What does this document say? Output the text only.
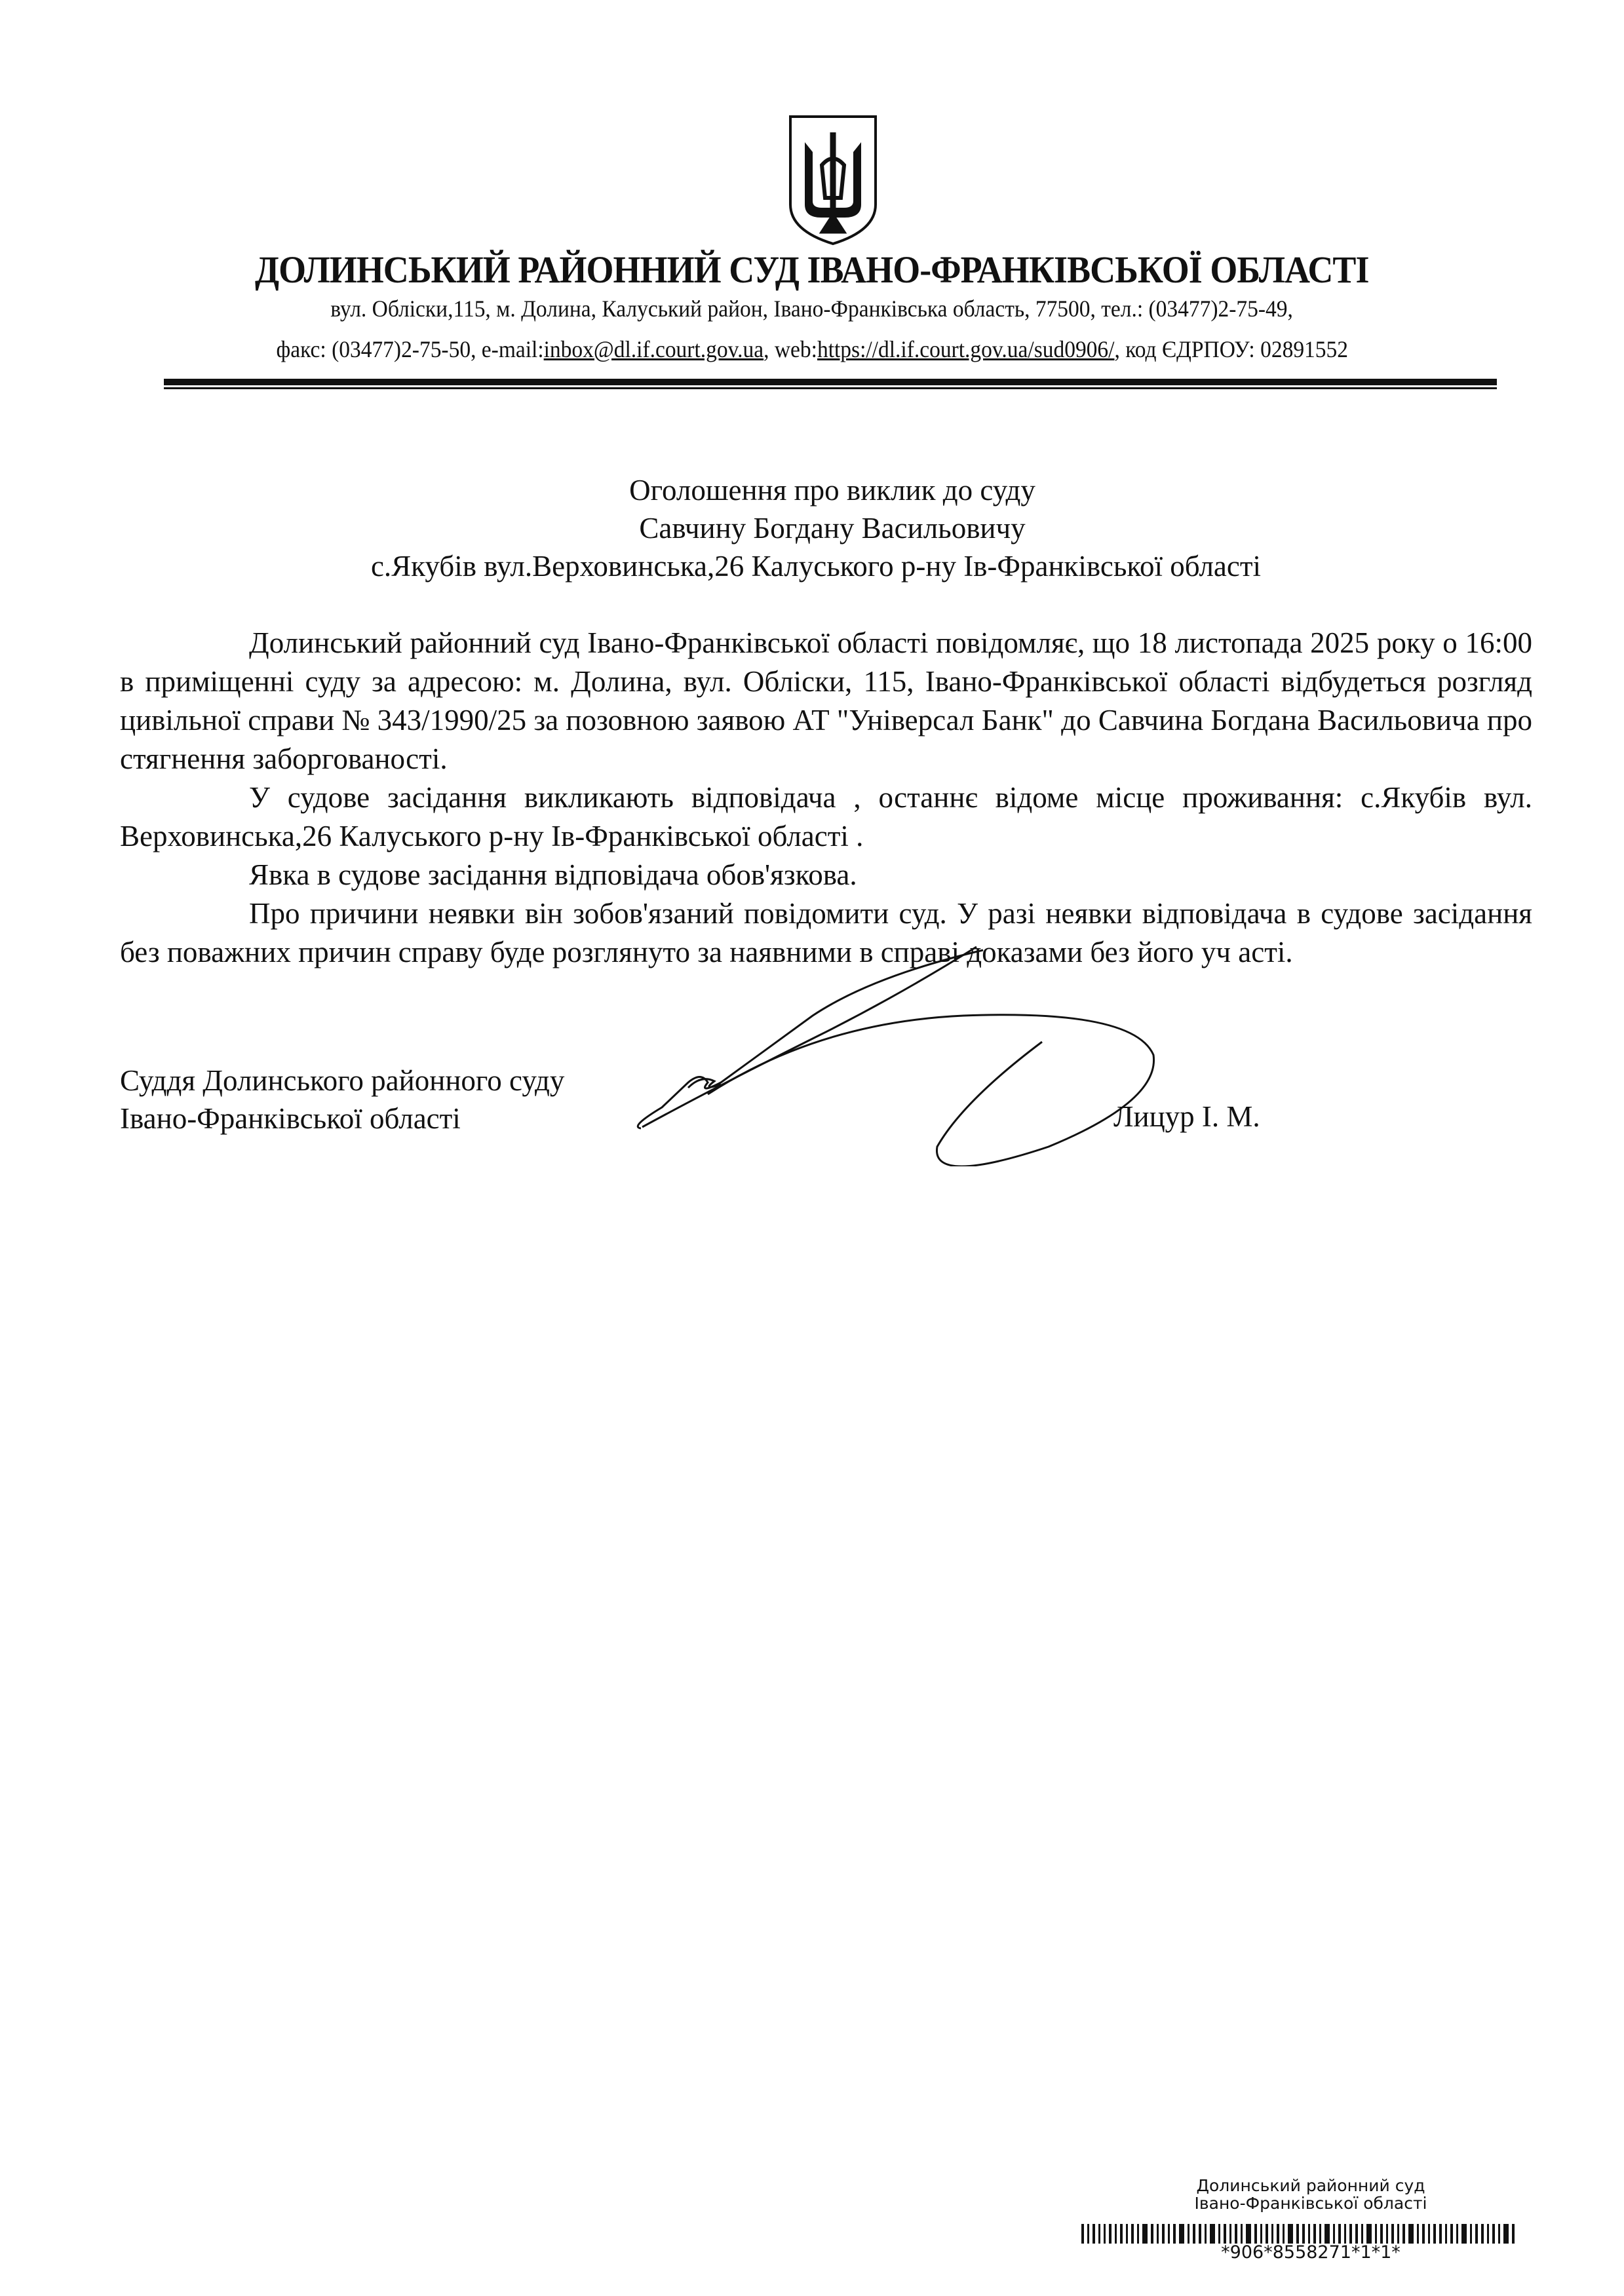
ДОЛИНСЬКИЙ РАЙОННИЙ СУД ІВАНО-ФРАНКІВСЬКОЇ ОБЛАСТІ
вул. Обліски,115, м. Долина, Калуський район, Івано-Франківська область, 77500, тел.: (03477)2-75-49,
факс: (03477)2-75-50, e-mail:inbox@dl.if.court.gov.ua, web:https://dl.if.court.gov.ua/sud0906/, код ЄДРПОУ: 02891552
Оголошення про виклик до суду
Савчину Богдану Васильовичу
с.Якубів вул.Верховинська,26 Калуського р-ну Ів-Франківської області

Долинський районний суд Івано-Франківської області повідомляє, що 18 листопада 2025 року о 16:00 в приміщенні суду за адресою: м. Долина, вул. Обліски, 115, Івано-Франківської області відбудеться розгляд цивільної справи № 343/1990/25 за позовною заявою АТ "Універсал Банк" до Савчина Богдана Васильовича про стягнення заборгованості.

У судове засідання викликають відповідача , останнє відоме місце проживання: с.Якубів вул. Верховинська,26 Калуського р-ну Ів-Франківської області .

Явка в судове засідання відповідача обов'язкова.

Про причини неявки він зобов'язаний повідомити суд. У разі неявки відповідача в судове засідання без поважних причин справу буде розглянуто за наявними в справі доказами без його уч асті.

Суддя Долинського районного суду
Івано-Франківської області	Лицур І. М.
Долинський районний суд
Івано-Франківської області
*906*8558271*1*1*
